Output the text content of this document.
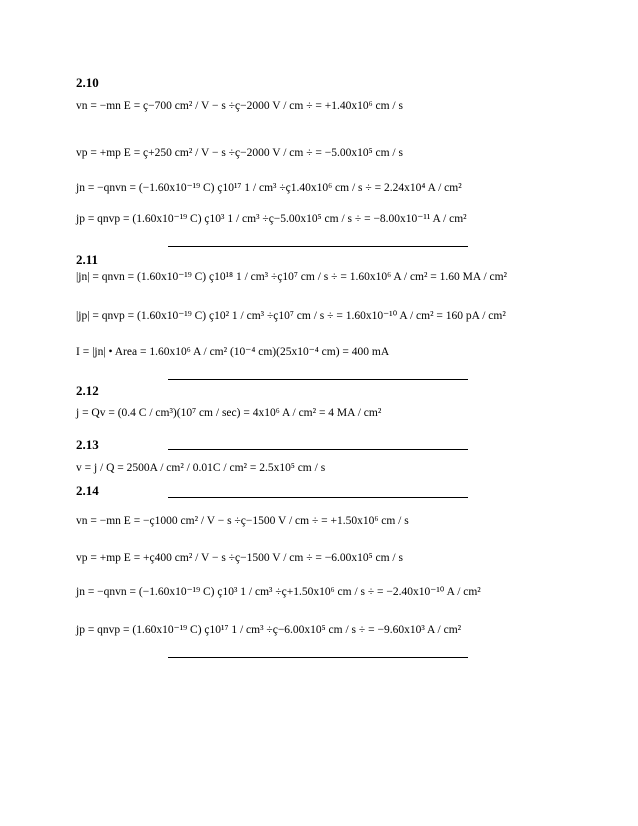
2.10
vn = −mn E = ç−700 cm² / V − s ÷ç−2000 V / cm ÷ = +1.40x10⁶ cm / s
vp = +mp E = ç+250 cm² / V − s ÷ç−2000 V / cm ÷ = −5.00x10⁵ cm / s
jn = −qnvn = (−1.60x10⁻¹⁹ C) ç10¹⁷ 1 / cm³ ÷ç1.40x10⁶ cm / s ÷ = 2.24x10⁴ A / cm²
jp = qnvp = (1.60x10⁻¹⁹ C) ç10³ 1 / cm³ ÷ç−5.00x10⁵ cm / s ÷ = −8.00x10⁻¹¹ A / cm²
2.11
|jn| = qnvn = (1.60x10⁻¹⁹ C) ç10¹⁸ 1 / cm³ ÷ç10⁷ cm / s ÷ = 1.60x10⁶ A / cm² = 1.60 MA / cm²
|jp| = qnvp = (1.60x10⁻¹⁹ C) ç10² 1 / cm³ ÷ç10⁷ cm / s ÷ = 1.60x10⁻¹⁰ A / cm² = 160 pA / cm²
I = |jn| • Area = 1.60x10⁶ A / cm² (10⁻⁴ cm)(25x10⁻⁴ cm) = 400 mA
2.12
j = Qv = (0.4 C / cm³)(10⁷ cm / sec) = 4x10⁶ A / cm² = 4 MA / cm²
2.13
v = j / Q = 2500A / cm² / 0.01C / cm² = 2.5x10⁵ cm / s
2.14
vn = −mn E = −ç1000 cm² / V − s ÷ç−1500 V / cm ÷ = +1.50x10⁶ cm / s
vp = +mp E = +ç400 cm² / V − s ÷ç−1500 V / cm ÷ = −6.00x10⁵ cm / s
jn = −qnvn = (−1.60x10⁻¹⁹ C) ç10³ 1 / cm³ ÷ç+1.50x10⁶ cm / s ÷ = −2.40x10⁻¹⁰ A / cm²
jp = qnvp = (1.60x10⁻¹⁹ C) ç10¹⁷ 1 / cm³ ÷ç−6.00x10⁵ cm / s ÷ = −9.60x10³ A / cm²
